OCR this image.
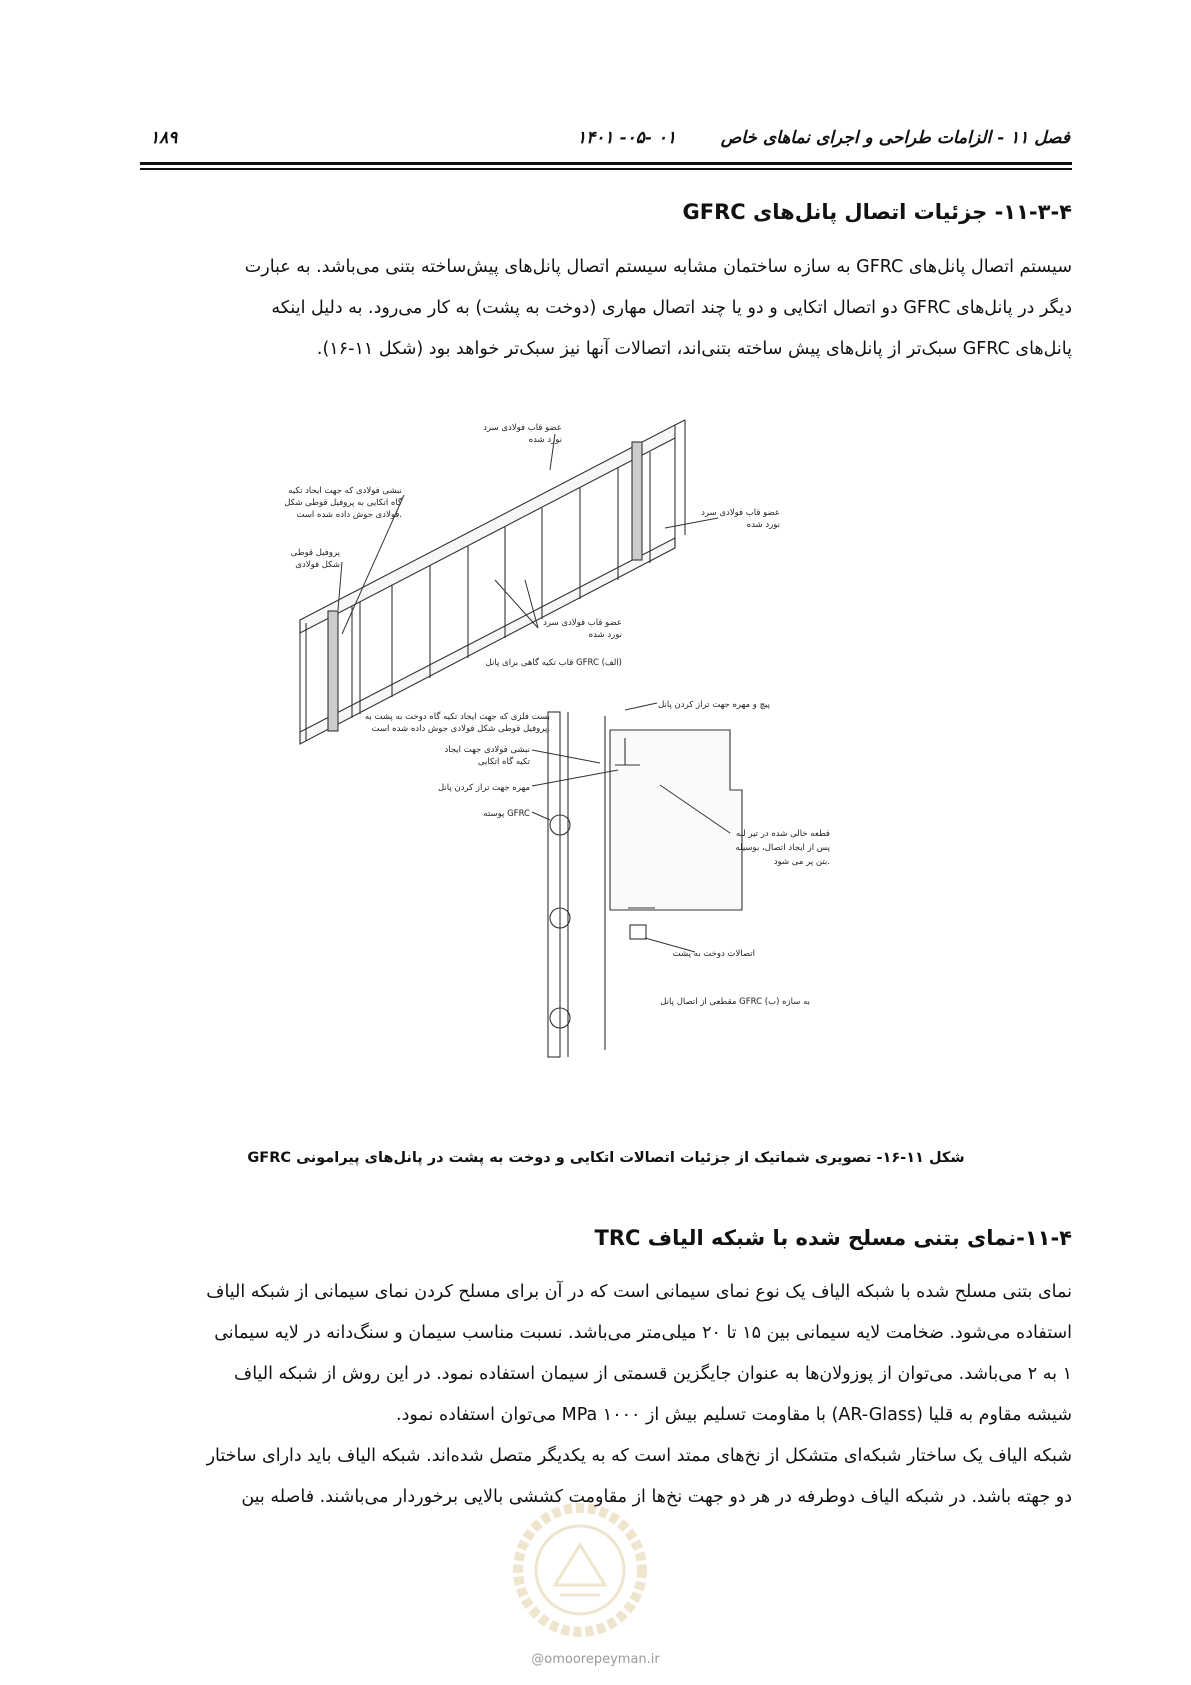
فصل ۱۱ - الزامات طراحی و اجرای نماهای خاص
۰۱ -۰۵- ۱۴۰۱
۱۸۹
۱۱-۳-۴- جزئیات اتصال پانل‌های GFRC

سیستم اتصال پانل‌های GFRC به سازه ساختمان مشابه سیستم اتصال پانل‌های پیش‌ساخته بتنی می‌باشد. به عبارت

دیگر در پانل‌های GFRC دو اتصال اتکایی و دو یا چند اتصال مهاری (دوخت به پشت) به کار می‌رود. به دلیل اینکه

پانل‌های GFRC سبک‌تر از پانل‌های پیش ساخته بتنی‌اند، اتصالات آنها نیز سبک‌تر خواهد بود (شکل ۱۱-۱۶).

عضو قاب فولادی سرد
نورد شده
عضو قاب فولادی سرد
نورد شده
نبشی فولادی که جهت ایجاد تکیه
گاه اتکایی به پروفیل قوطی شکل
فولادی جوش داده شده است.
پروفیل قوطی
شکل فولادی
عضو قاب فولادی سرد
نورد شده
قاب تکیه گاهی برای پانل GFRC (الف)
پیچ و مهره جهت تراز کردن پانل
بست فلزی که جهت ایجاد تکیه گاه دوخت به پشت به
پروفیل قوطی شکل فولادی جوش داده شده است.
نبشی فولادی جهت ایجاد
تکیه گاه اتکایی
مهره جهت تراز کردن پانل
پوسته GFRC
قطعه خالی شده در تیر لبه
پس از ایجاد اتصال، بوسیله
بتن پر می شود.
اتصالات دوخت به پشت
مقطعی از اتصال پانل GFRC به سازه (ب)
شکل ۱۱-۱۶- تصویری شماتیک از جزئیات اتصالات اتکایی و دوخت به پشت در پانل‌های پیرامونی GFRC
۱۱-۴-نمای بتنی مسلح شده با شبکه الیاف TRC

نمای بتنی مسلح شده با شبکه الیاف یک نوع نمای سیمانی است که در آن برای مسلح کردن نمای سیمانی از شبکه الیاف

استفاده می‌شود. ضخامت لایه سیمانی بین ۱۵ تا ۲۰ میلی‌متر می‌باشد. نسبت مناسب سیمان و سنگ‌دانه در لایه سیمانی

۱ به ۲ می‌باشد. می‌توان از پوزولان‌ها به عنوان جایگزین قسمتی از سیمان استفاده نمود. در این روش از شبکه الیاف

شیشه مقاوم به قلیا (AR-Glass) با مقاومت تسلیم بیش از MPa ۱۰۰۰ می‌توان استفاده نمود.

شبکه الیاف یک ساختار شبکه‌ای متشکل از نخ‌های ممتد است که به یکدیگر متصل شده‌اند. شبکه الیاف باید دارای ساختار

دو جهته باشد. در شبکه الیاف دوطرفه در هر دو جهت نخ‌ها از مقاومت کششی بالایی برخوردار می‌باشند. فاصله بین

@omoorepeyman.ir
